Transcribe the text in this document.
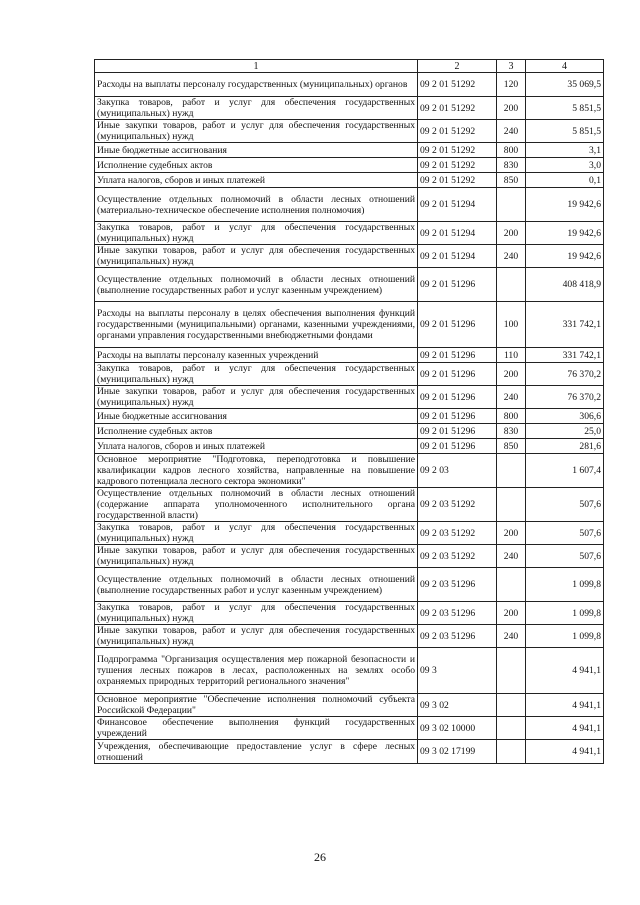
1	2	3	4
Расходы на выплаты персоналу государственных (муниципальных) органов	09 2 01 51292	120	35 069,5
Закупка товаров, работ и услуг для обеспечения государственных (муниципальных) нужд	09 2 01 51292	200	5 851,5
Иные закупки товаров, работ и услуг для обеспечения государственных (муниципальных) нужд	09 2 01 51292	240	5 851,5
Иные бюджетные ассигнования	09 2 01 51292	800	3,1
Исполнение судебных актов	09 2 01 51292	830	3,0
Уплата налогов, сборов и иных платежей	09 2 01 51292	850	0,1
Осуществление отдельных полномочий в области лесных отношений (материально-техническое обеспечение исполнения полномочия)	09 2 01 51294		19 942,6
Закупка товаров, работ и услуг для обеспечения государственных (муниципальных) нужд	09 2 01 51294	200	19 942,6
Иные закупки товаров, работ и услуг для обеспечения государственных (муниципальных) нужд	09 2 01 51294	240	19 942,6
Осуществление отдельных полномочий в области лесных отношений (выполнение государственных работ и услуг казенным учреждением)	09 2 01 51296		408 418,9
Расходы на выплаты персоналу в целях обеспечения выполнения функций государственными (муниципальными) органами, казенными учреждениями, органами управления государственными внебюджетными фондами	09 2 01 51296	100	331 742,1
Расходы на выплаты персоналу казенных учреждений	09 2 01 51296	110	331 742,1
Закупка товаров, работ и услуг для обеспечения государственных (муниципальных) нужд	09 2 01 51296	200	76 370,2
Иные закупки товаров, работ и услуг для обеспечения государственных (муниципальных) нужд	09 2 01 51296	240	76 370,2
Иные бюджетные ассигнования	09 2 01 51296	800	306,6
Исполнение судебных актов	09 2 01 51296	830	25,0
Уплата налогов, сборов и иных платежей	09 2 01 51296	850	281,6
Основное мероприятие "Подготовка, переподготовка и повышение квалификации кадров лесного хозяйства, направленные на повышение кадрового потенциала лесного сектора экономики"	09 2 03		1 607,4
Осуществление отдельных полномочий в области лесных отношений (содержание аппарата уполномоченного исполнительного органа государственной власти)	09 2 03 51292		507,6
Закупка товаров, работ и услуг для обеспечения государственных (муниципальных) нужд	09 2 03 51292	200	507,6
Иные закупки товаров, работ и услуг для обеспечения государственных (муниципальных) нужд	09 2 03 51292	240	507,6
Осуществление отдельных полномочий в области лесных отношений (выполнение государственных работ и услуг казенным учреждением)	09 2 03 51296		1 099,8
Закупка товаров, работ и услуг для обеспечения государственных (муниципальных) нужд	09 2 03 51296	200	1 099,8
Иные закупки товаров, работ и услуг для обеспечения государственных (муниципальных) нужд	09 2 03 51296	240	1 099,8
Подпрограмма "Организация осуществления мер пожарной безопасности и тушения лесных пожаров в лесах, расположенных на землях особо охраняемых природных территорий регионального значения"	09 3		4 941,1
Основное мероприятие "Обеспечение исполнения полномочий субъекта Российской Федерации"	09 3 02		4 941,1
Финансовое обеспечение выполнения функций государственных учреждений	09 3 02 10000		4 941,1
Учреждения, обеспечивающие предоставление услуг в сфере лесных отношений	09 3 02 17199		4 941,1
26
